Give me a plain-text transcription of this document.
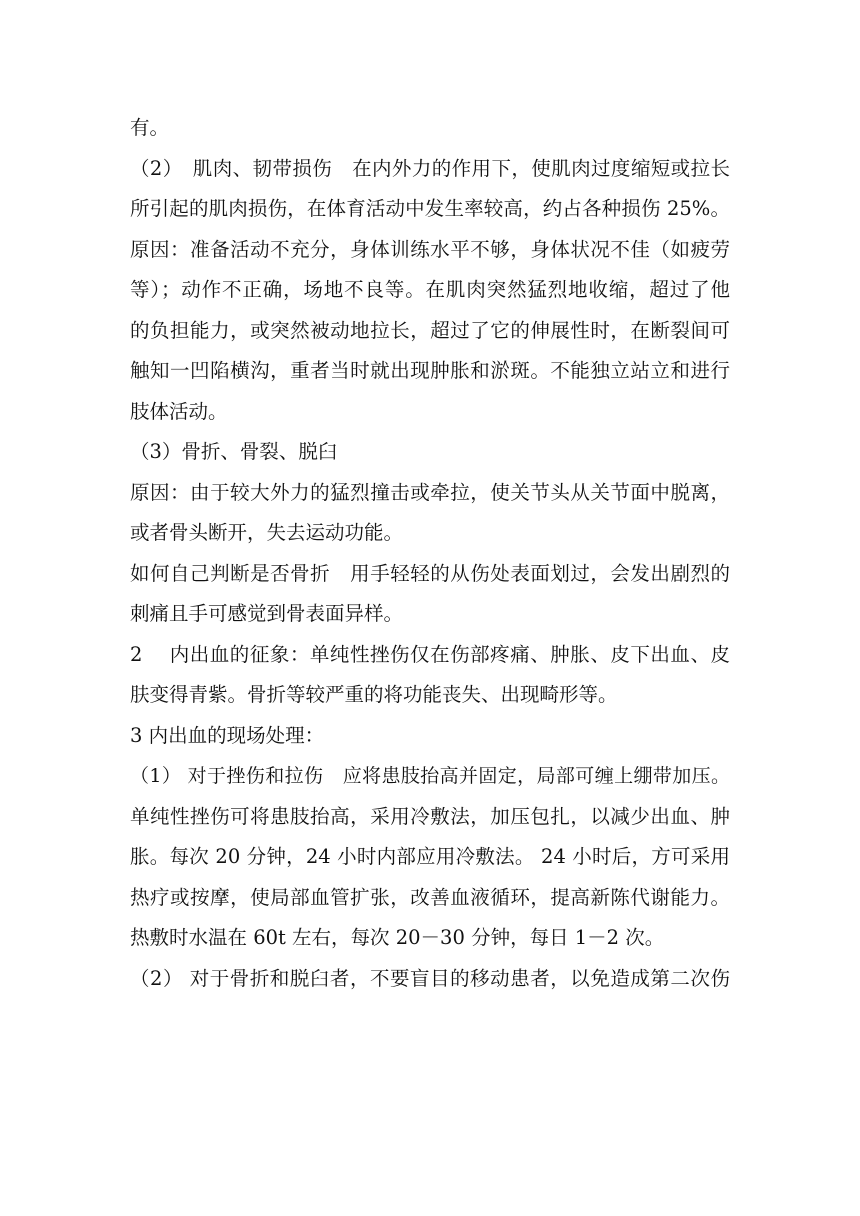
有。
（2）　肌肉、韧带损伤　在内外力的作用下，使肌肉过度缩短或拉长
所引起的肌肉损伤，在体育活动中发生率较高，约占各种损伤 25%。
原因：准备活动不充分，身体训练水平不够，身体状况不佳（如疲劳
等）；动作不正确，场地不良等。在肌肉突然猛烈地收缩，超过了他
的负担能力，或突然被动地拉长，超过了它的伸展性时，在断裂间可
触知一凹陷横沟，重者当时就出现肿胀和淤斑。不能独立站立和进行
肢体活动。
（3）骨折、骨裂、脱臼
原因：由于较大外力的猛烈撞击或牵拉，使关节头从关节面中脱离，
或者骨头断开，失去运动功能。
如何自己判断是否骨折　用手轻轻的从伤处表面划过，会发出剧烈的
刺痛且手可感觉到骨表面异样。
2　 内出血的征象：单纯性挫伤仅在伤部疼痛、肿胀、皮下出血、皮
肤变得青紫。骨折等较严重的将功能丧失、出现畸形等。
3 内出血的现场处理：
（1） 对于挫伤和拉伤　应将患肢抬高并固定，局部可缠上绷带加压。
单纯性挫伤可将患肢抬高，采用冷敷法，加压包扎，以减少出血、肿
胀。每次 20 分钟，24 小时内部应用冷敷法。 24 小时后，方可采用
热疗或按摩，使局部血管扩张，改善血液循环，提高新陈代谢能力。
热敷时水温在 60t 左右，每次 20－30 分钟，每日 1－2 次。
（2） 对于骨折和脱臼者，不要盲目的移动患者，以免造成第二次伤
